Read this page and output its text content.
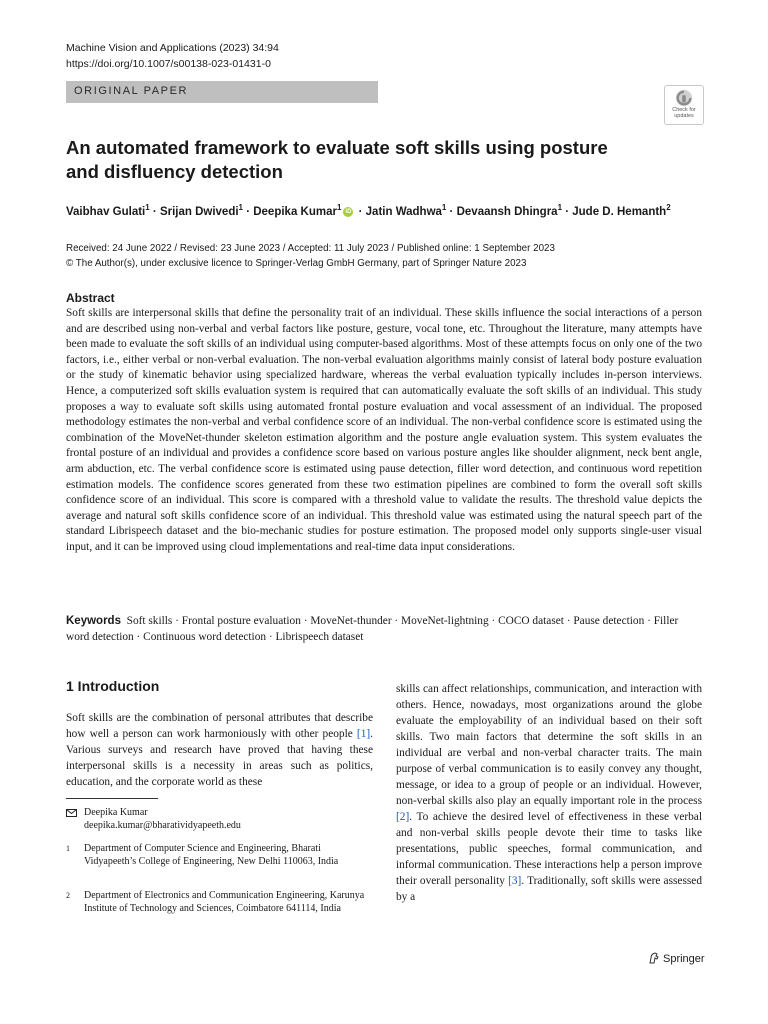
Machine Vision and Applications (2023) 34:94
https://doi.org/10.1007/s00138-023-01431-0
ORIGINAL PAPER
Check for
updates
An automated framework to evaluate soft skills using posture
and disfluency detection
Vaibhav Gulati$^1$ · Srijan Dwivedi$^1$ · Deepika Kumar$^1$ iD · Jatin Wadhwa$^1$ · Devaansh Dhingra$^1$ · Jude D. Hemanth$^2$
Received: 24 June 2022 / Revised: 23 June 2023 / Accepted: 11 July 2023 / Published online: 1 September 2023
© The Author(s), under exclusive licence to Springer-Verlag GmbH Germany, part of Springer Nature 2023
Abstract

Soft skills are interpersonal skills that define the personality trait of an individual. These skills influence the social interactions of a person and are described using non-verbal and verbal factors like posture, gesture, vocal tone, etc. Throughout the literature, many attempts have been made to evaluate the soft skills of an individual using computer-based algorithms. Most of these attempts focus on only one of the two factors, i.e., either verbal or non-verbal evaluation. The non-verbal evaluation algorithms mainly consist of lateral body posture evaluation or the study of kinematic behavior using specialized hardware, whereas the verbal evaluation typically includes in-person interviews. Hence, a computerized soft skills evaluation system is required that can automatically evaluate the soft skills of an individual. This study proposes a way to evaluate soft skills using automated frontal posture evaluation and vocal assessment of an individual. The proposed methodology estimates the non-verbal and verbal confidence score of an individual. The non-verbal confidence score is estimated using the combination of the MoveNet-thunder skeleton estimation algorithm and the posture angle evaluation system. This system evaluates the frontal posture of an individual and provides a confidence score based on various posture angles like shoulder alignment, neck bent angle, arm abduction, etc. The verbal confidence score is estimated using pause detection, filler word detection, and continuous word repetition estimation models. The confidence scores generated from these two estimation pipelines are combined to form the overall soft skills confidence score of an individual. This score is compared with a threshold value to validate the results. The threshold value depicts the average and natural soft skills confidence score of an individual. This threshold value was estimated using the natural speech part of the standard Librispeech dataset and the bio-mechanic studies for posture estimation. The proposed model only supports single-user visual input, and it can be improved using cloud implementations and real-time data input considerations.

Keywords Soft skills · Frontal posture evaluation · MoveNet-thunder · MoveNet-lightning · COCO dataset · Pause detection · Filler word detection · Continuous word detection · Librispeech dataset

1 Introduction

Soft skills are the combination of personal attributes that describe how well a person can work harmoniously with other people [1]. Various surveys and research have proved that having these interpersonal skills is a necessity in areas such as politics, education, and the corporate world as these

skills can affect relationships, communication, and interaction with others. Hence, nowadays, most organizations around the globe evaluate the employability of an individual based on their soft skills. Two main factors that determine the soft skills in an individual are verbal and non-verbal character traits. The main purpose of verbal communication is to easily convey any thought, message, or idea to a group of people or an individual. However, non-verbal skills also play an equally important role in the process [2]. To achieve the desired level of effectiveness in these verbal and non-verbal skills people devote their time to tasks like presentations, public speeches, formal communication, and informal communication. These interactions help a person improve their overall personality [3]. Traditionally, soft skills were assessed by a

Deepika Kumar
deepika.kumar@bharatividyapeeth.edu
1 Department of Computer Science and Engineering, Bharati Vidyapeeth’s College of Engineering, New Delhi 110063, India
2 Department of Electronics and Communication Engineering, Karunya Institute of Technology and Sciences, Coimbatore 641114, India
Springer
